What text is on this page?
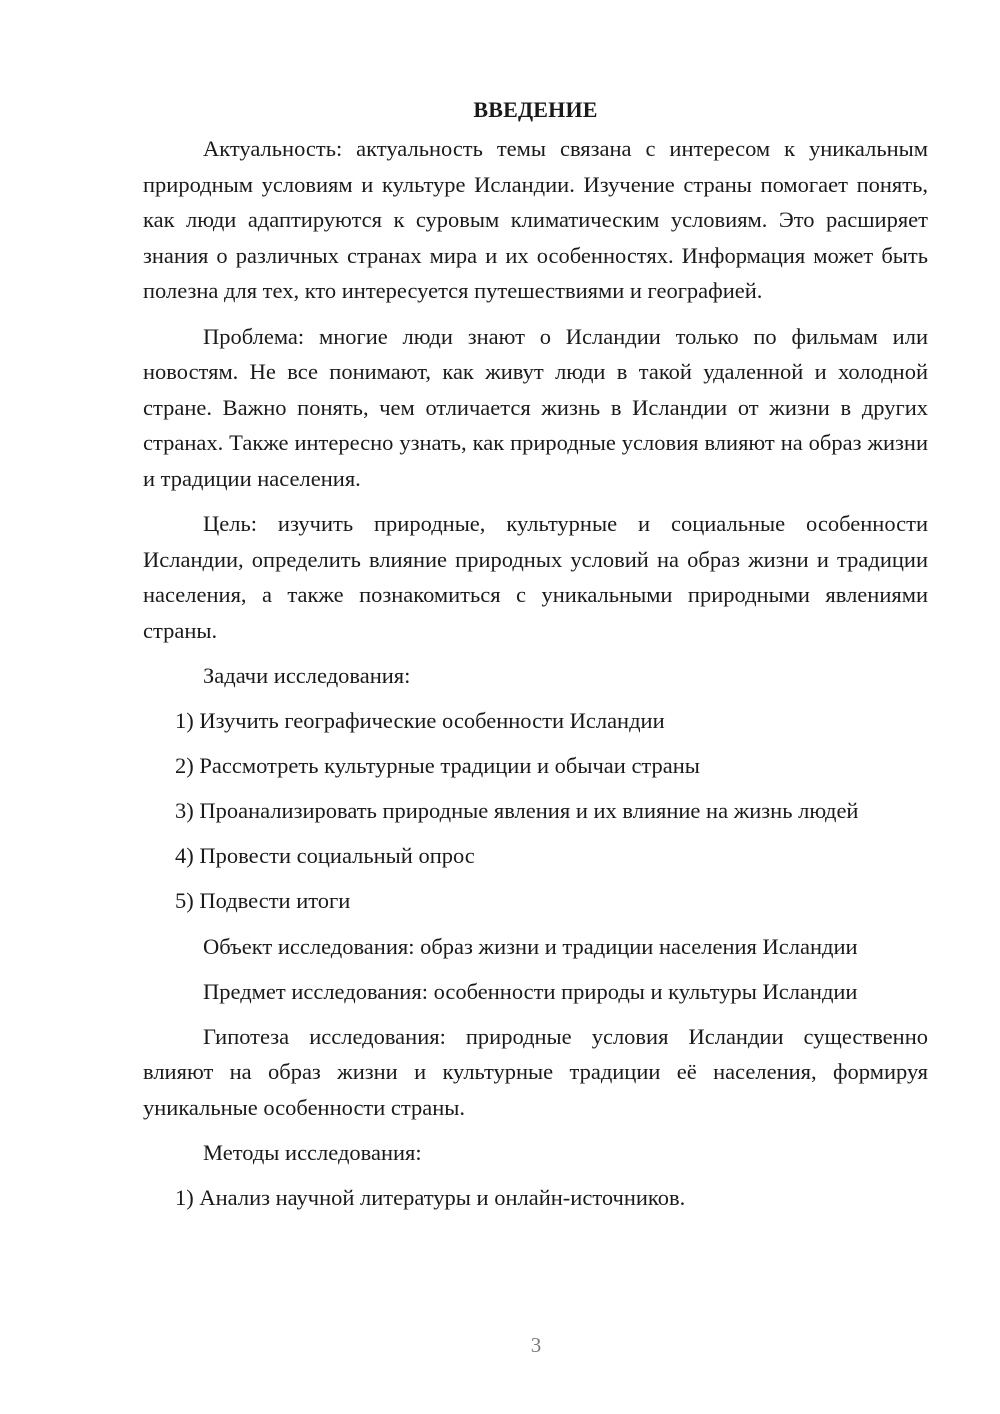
ВВЕДЕНИЕ

Актуальность: актуальность темы связана с интересом к уникальным природным условиям и культуре Исландии. Изучение страны помогает понять, как люди адаптируются к суровым климатическим условиям. Это расширяет знания о различных странах мира и их особенностях. Информация может быть полезна для тех, кто интересуется путешествиями и географией.

Проблема: многие люди знают о Исландии только по фильмам или новостям. Не все понимают, как живут люди в такой удаленной и холодной стране. Важно понять, чем отличается жизнь в Исландии от жизни в других странах. Также интересно узнать, как природные условия влияют на образ жизни и традиции населения.

Цель: изучить природные, культурные и социальные особенности Исландии, определить влияние природных условий на образ жизни и традиции населения, а также познакомиться с уникальными природными явлениями страны.

Задачи исследования:

1) Изучить географические особенности Исландии

2) Рассмотреть культурные традиции и обычаи страны

3) Проанализировать природные явления и их влияние на жизнь людей

4) Провести социальный опрос

5) Подвести итоги

Объект исследования: образ жизни и традиции населения Исландии

Предмет исследования: особенности природы и культуры Исландии

Гипотеза исследования: природные условия Исландии существенно влияют на образ жизни и культурные традиции её населения, формируя уникальные особенности страны.

Методы исследования:

1) Анализ научной литературы и онлайн-источников.

3
